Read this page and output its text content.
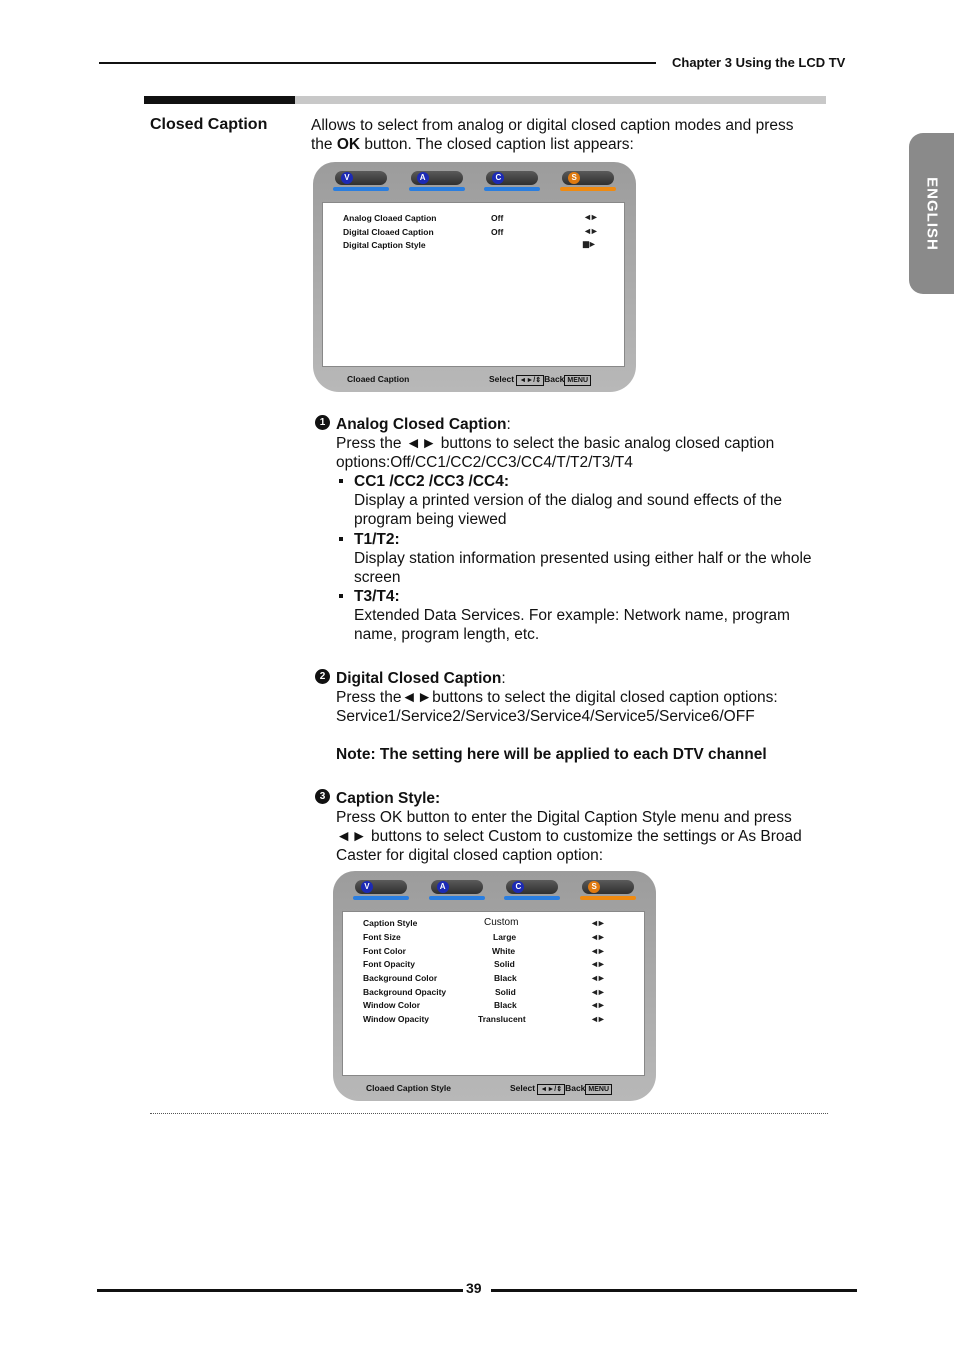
Chapter 3 Using the LCD TV
ENGLISH
Closed Caption	Allows to select from analog or digital closed caption modes and press
the OK button. The closed caption list appears:
V	A	C	S
Analog Cloaed Caption	Off	◄►
Digital Cloaed Caption	Off	◄►
Digital Caption Style	▮▮►
Cloaed Caption	Select ◄►/⇕ Back MENU
1 Analog Closed Caption:
Press the ◄► buttons to select the basic analog closed caption
options:Off/CC1/CC2/CC3/CC4/T/T2/T3/T4
CC1 /CC2 /CC3 /CC4:
Display a printed version of the dialog and sound effects of the
program being viewed
T1/T2:
Display station information presented using either half or the whole
screen
T3/T4:
Extended Data Services. For example: Network name, program
name, program length, etc.
2 Digital Closed Caption:
Press the◄►buttons to select the digital closed caption options:
Service1/Service2/Service3/Service4/Service5/Service6/OFF
Note: The setting here will be applied to each DTV channel
3 Caption Style:
Press OK button to enter the Digital Caption Style menu and press
◄► buttons to select Custom to customize the settings or As Broad
Caster for digital closed caption option:
V	A	C	S
Caption Style	Custom	◄►
Font Size	Large	◄►
Font Color	White	◄►
Font Opacity	Solid	◄►
Background Color	Black	◄►
Background Opacity	Solid	◄►
Window Color	Black	◄►
Window Opacity	Translucent	◄►
Cloaed Caption Style	Select ◄►/⇕ Back MENU
39
